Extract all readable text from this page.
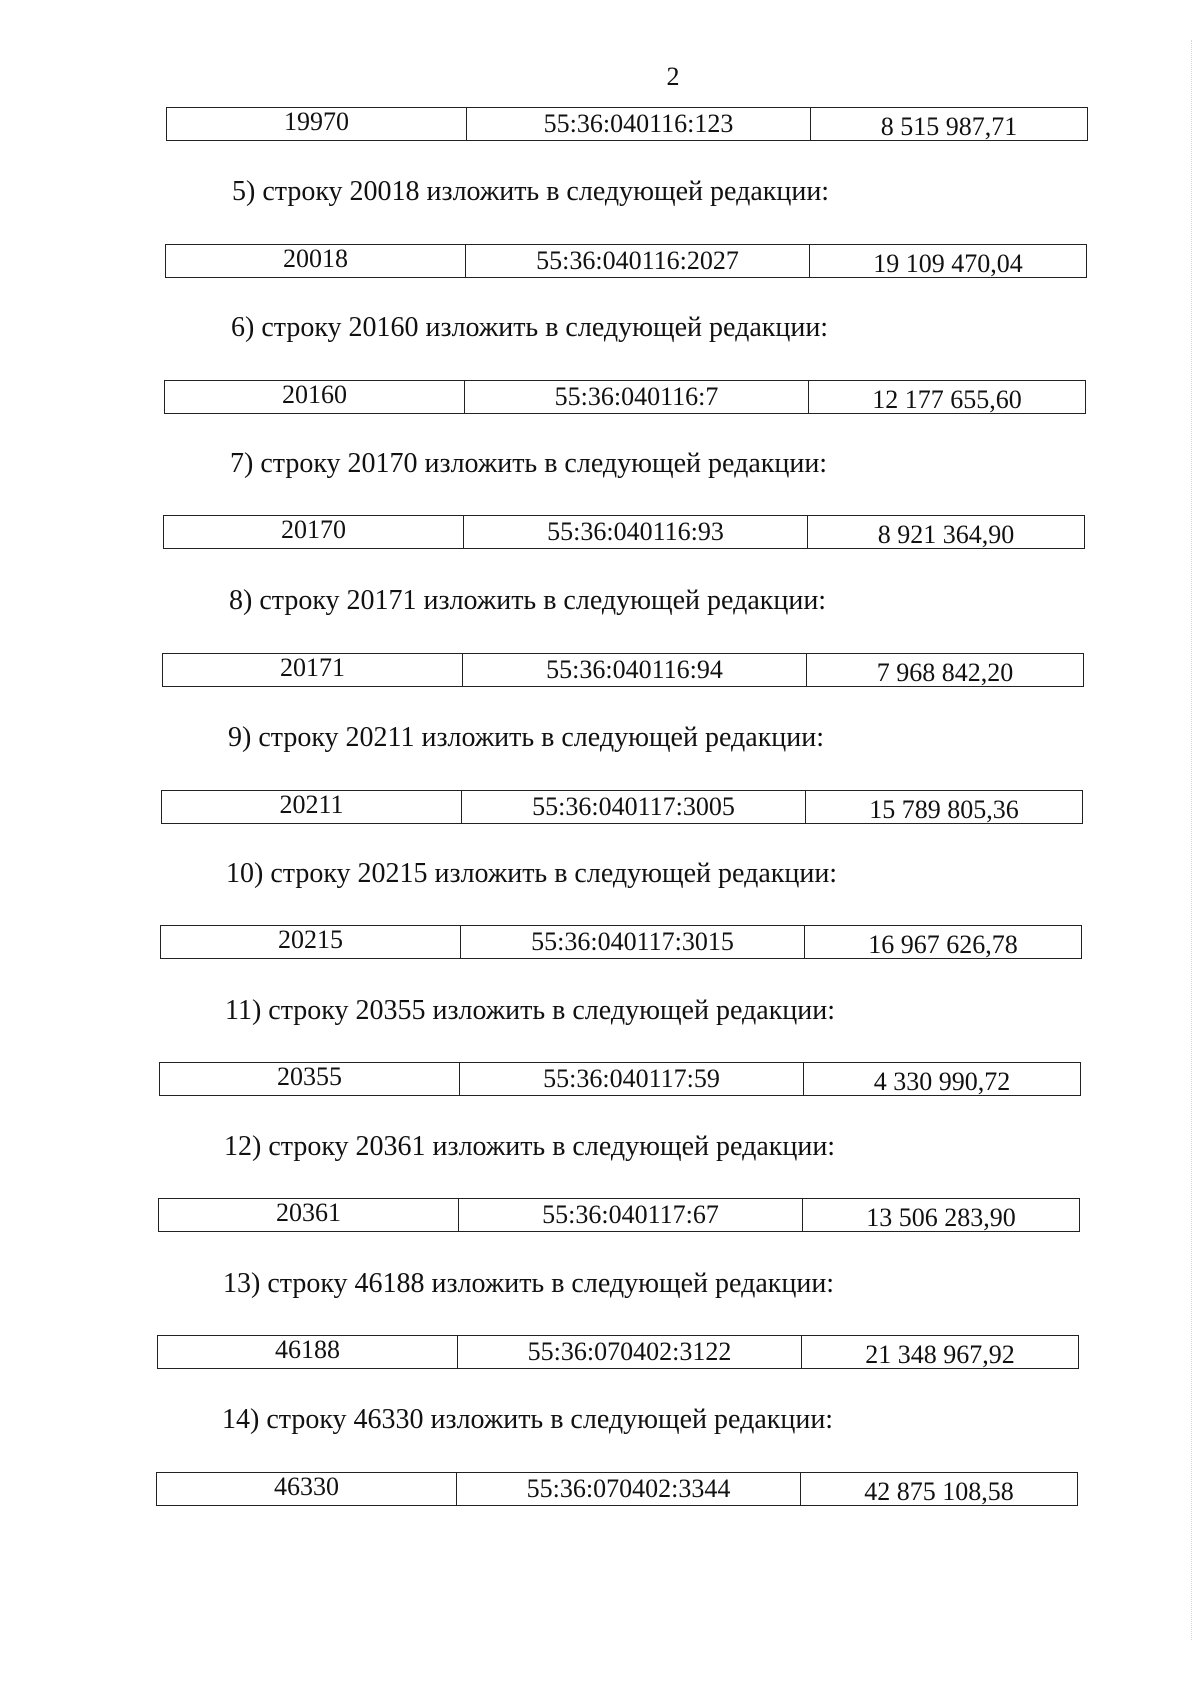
2
19970	55:36:040116:123	8 515 987,71
5) строку 20018 изложить в следующей редакции:
20018	55:36:040116:2027	19 109 470,04
6) строку 20160 изложить в следующей редакции:
20160	55:36:040116:7	12 177 655,60
7) строку 20170 изложить в следующей редакции:
20170	55:36:040116:93	8 921 364,90
8) строку 20171 изложить в следующей редакции:
20171	55:36:040116:94	7 968 842,20
9) строку 20211 изложить в следующей редакции:
20211	55:36:040117:3005	15 789 805,36
10) строку 20215 изложить в следующей редакции:
20215	55:36:040117:3015	16 967 626,78
11) строку 20355 изложить в следующей редакции:
20355	55:36:040117:59	4 330 990,72
12) строку 20361 изложить в следующей редакции:
20361	55:36:040117:67	13 506 283,90
13) строку 46188 изложить в следующей редакции:
46188	55:36:070402:3122	21 348 967,92
14) строку 46330 изложить в следующей редакции:
46330	55:36:070402:3344	42 875 108,58
